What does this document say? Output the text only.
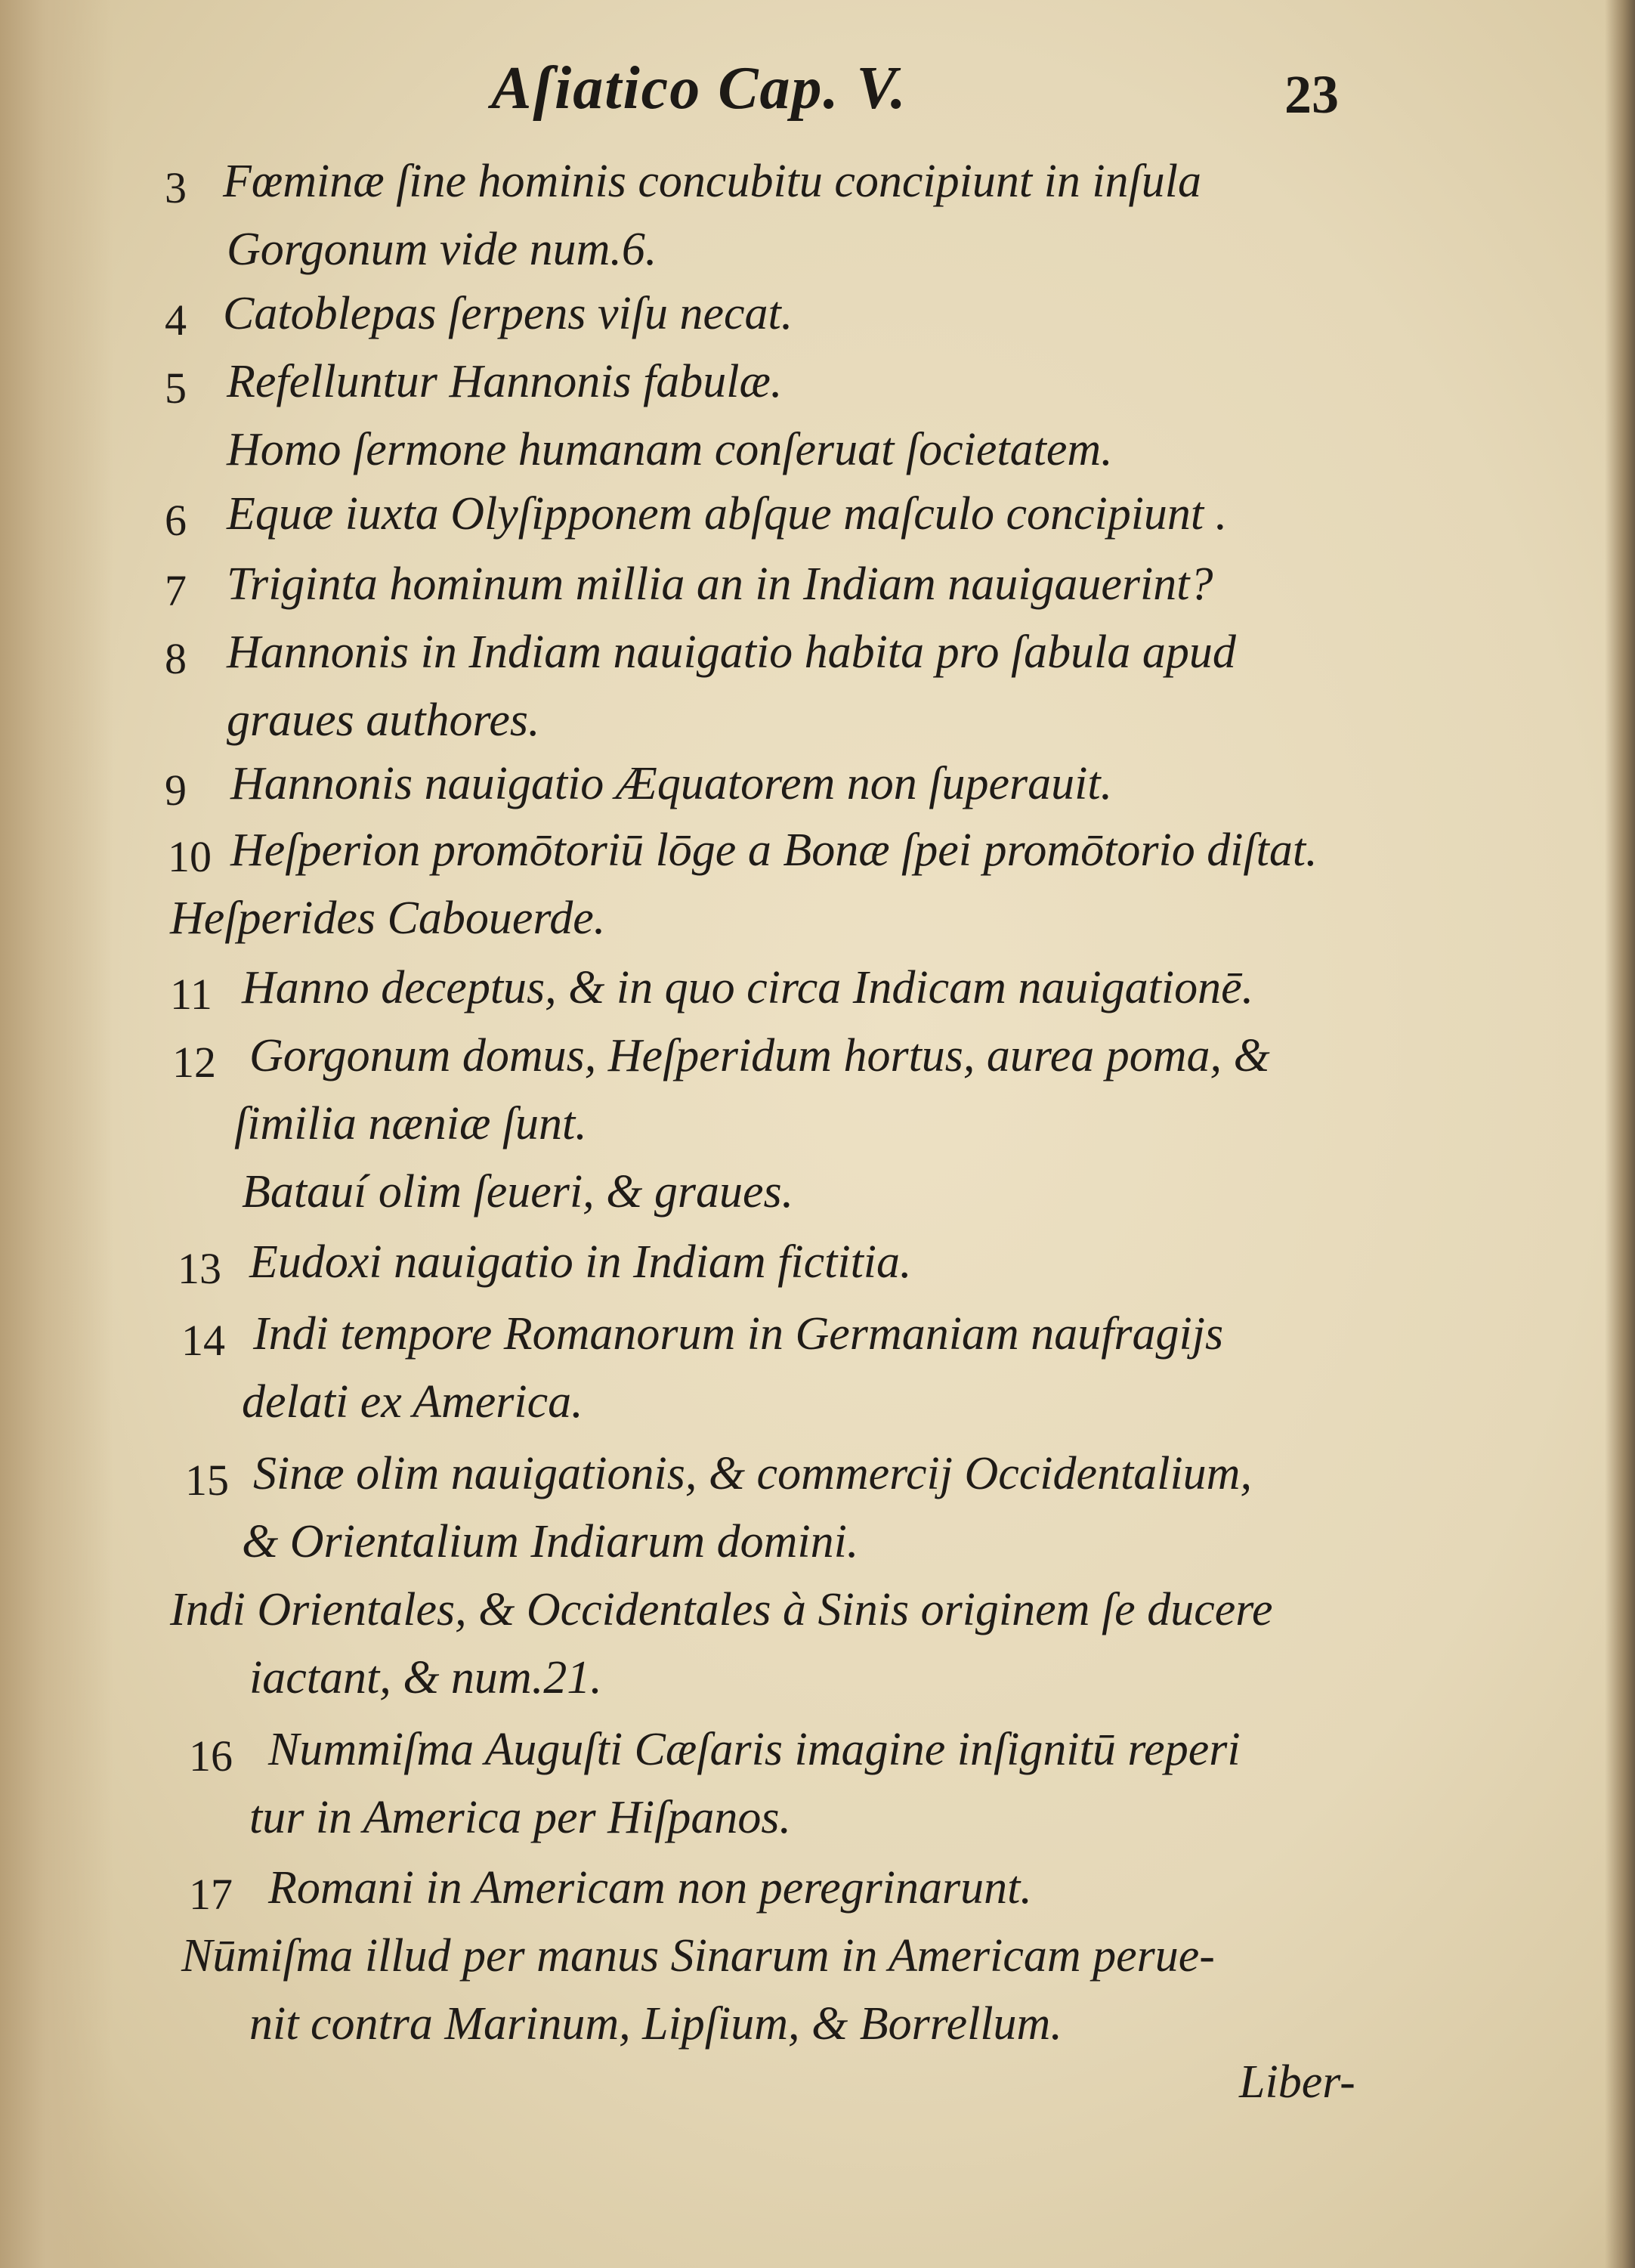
Aſiatico Cap. V.	23
3 Fœminæ ſine hominis concubitu concipiunt in inſula
Gorgonum vide num.6.
4 Catoblepas ſerpens viſu necat.
5 Refelluntur Hannonis fabulæ.
Homo ſermone humanam conſeruat ſocietatem.
6 Equæ iuxta Olyſipponem abſque maſculo concipiunt .
7 Triginta hominum millia an in Indiam nauigauerint?
8 Hannonis in Indiam nauigatio habita pro ſabula apud
graues authores.
9 Hannonis nauigatio Æquatorem non ſuperauit.
10 Heſperion promōtoriū lōge a Bonæ ſpei promōtorio diſtat.
Heſperides Cabouerde.
11 Hanno deceptus, & in quo circa Indicam nauigationē.
12 Gorgonum domus, Heſperidum hortus, aurea poma, &
ſimilia næniæ ſunt.
Batauí olim ſeueri, & graues.
13 Eudoxi nauigatio in Indiam fictitia.
14 Indi tempore Romanorum in Germaniam naufragijs
delati ex America.
15 Sinæ olim nauigationis, & commercij Occidentalium,
& Orientalium Indiarum domini.
Indi Orientales, & Occidentales à Sinis originem ſe ducere
iactant, & num.21.
16 Nummiſma Auguſti Cæſaris imagine inſignitū reperi
tur in America per Hiſpanos.
17 Romani in Americam non peregrinarunt.
Nūmiſma illud per manus Sinarum in Americam perue-
nit contra Marinum, Lipſium, & Borrellum.
Liber-
